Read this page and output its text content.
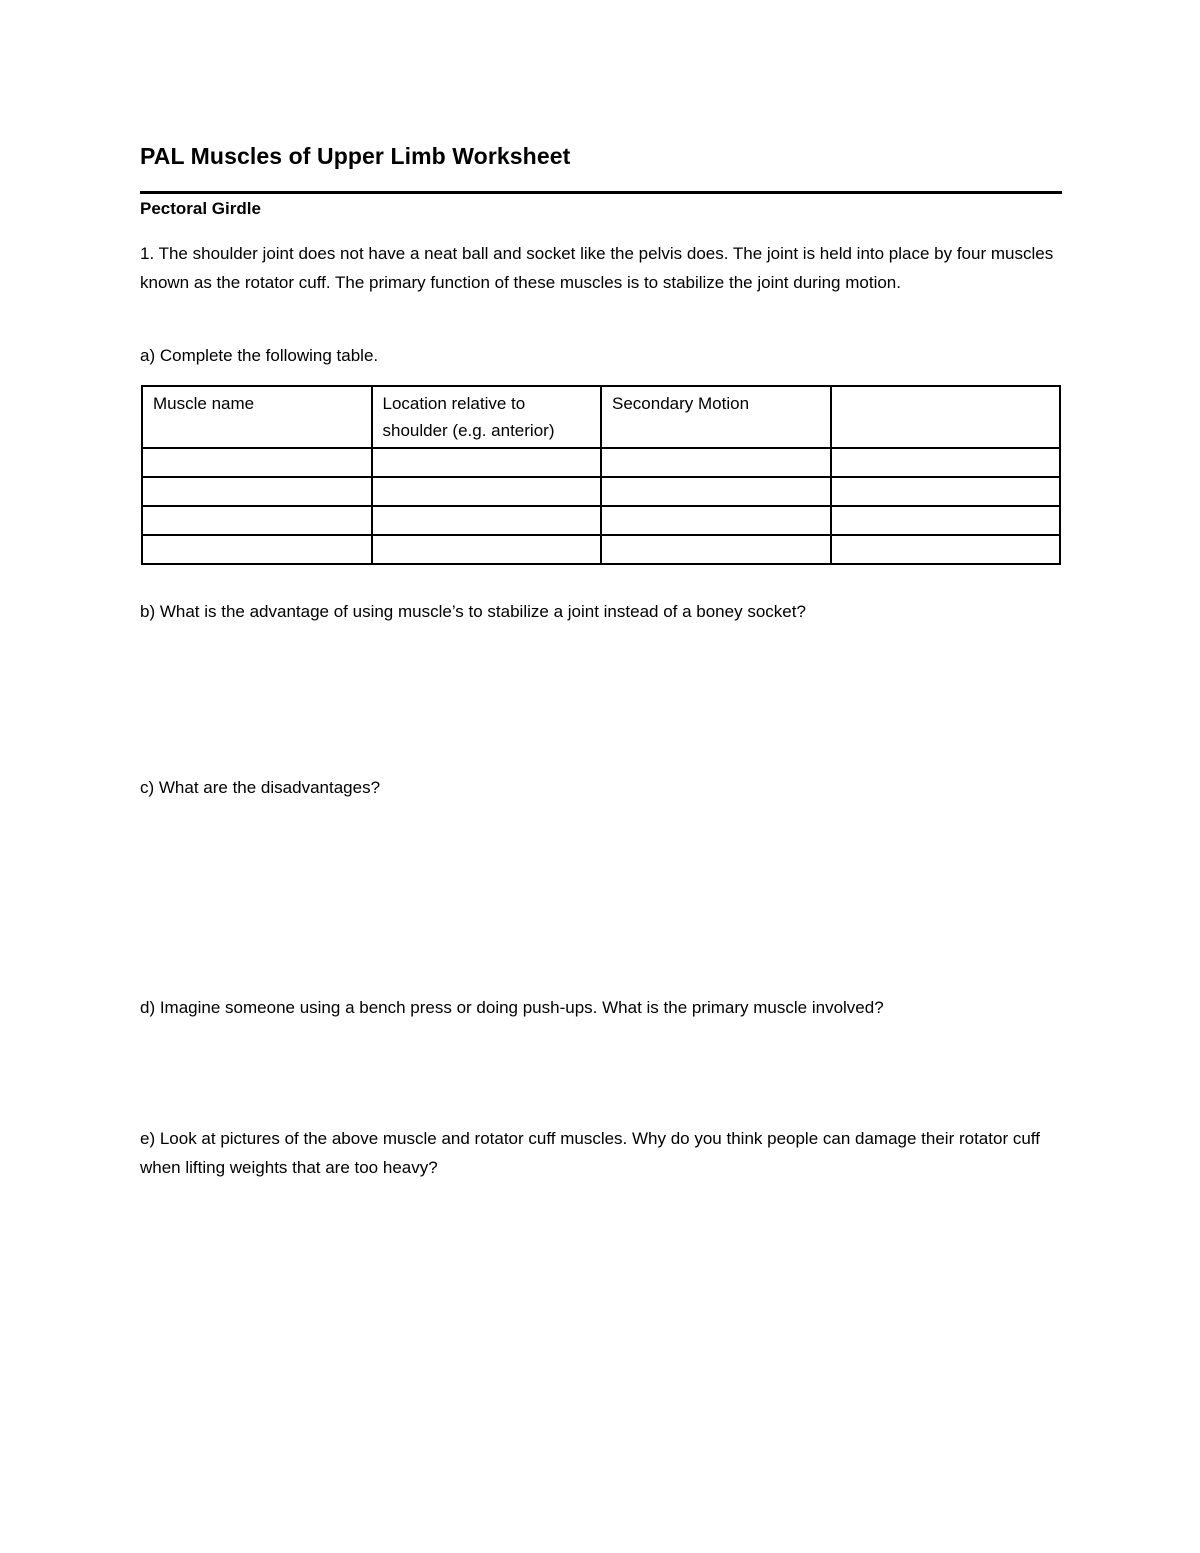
PAL Muscles of Upper Limb Worksheet
Pectoral Girdle
1. The shoulder joint does not have a neat ball and socket like the pelvis does. The joint is held into place by four muscles known as the rotator cuff. The primary function of these muscles is to stabilize the joint during motion.
a) Complete the following table.
Muscle name	Location relative to shoulder (e.g. anterior)	Secondary Motion	

b) What is the advantage of using muscle’s to stabilize a joint instead of a boney socket?
c) What are the disadvantages?
d) Imagine someone using a bench press or doing push-ups. What is the primary muscle involved?
e) Look at pictures of the above muscle and rotator cuff muscles. Why do you think people can damage their rotator cuff when lifting weights that are too heavy?
